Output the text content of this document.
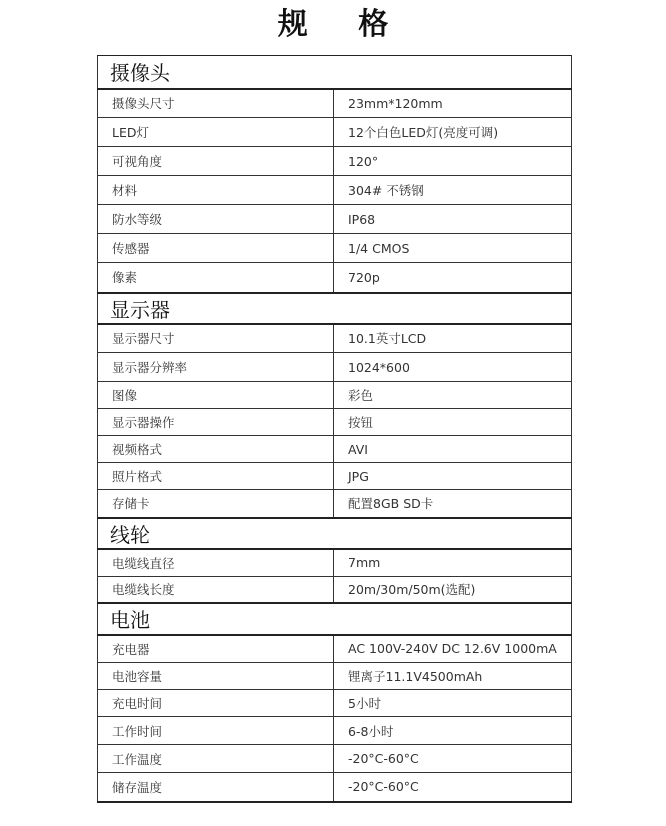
规 格
摄像头	
摄像头尺寸	23mm*120mm
LED灯	12个白色LED灯(亮度可调)
可视角度	120°
材料	304# 不锈钢
防水等级	IP68
传感器	1/4 CMOS
像素	720p
显示器	
显示器尺寸	10.1英寸LCD
显示器分辨率	1024*600
图像	彩色
显示器操作	按钮
视频格式	AVI
照片格式	JPG
存储卡	配置8GB SD卡
线轮	
电缆线直径	7mm
电缆线长度	20m/30m/50m(选配)
电池	
充电器	AC 100V-240V DC 12.6V 1000mA
电池容量	锂离子11.1V4500mAh
充电时间	5小时
工作时间	6-8小时
工作温度	-20°C-60°C
储存温度	-20°C-60°C
